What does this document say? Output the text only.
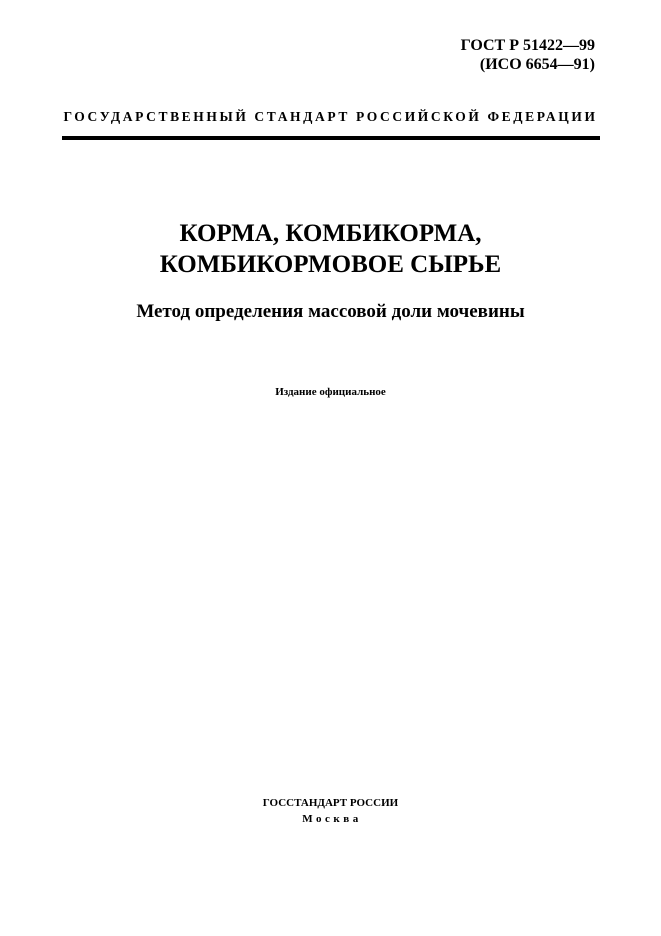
ГОСТ Р 51422—99
(ИСО 6654—91)
ГОСУДАРСТВЕННЫЙ СТАНДАРТ РОССИЙСКОЙ ФЕДЕРАЦИИ
КОРМА, КОМБИКОРМА,
КОМБИКОРМОВОЕ СЫРЬЕ
Метод определения массовой доли мочевины
Издание официальное
ГОССТАНДАРТ РОССИИ
Москва
